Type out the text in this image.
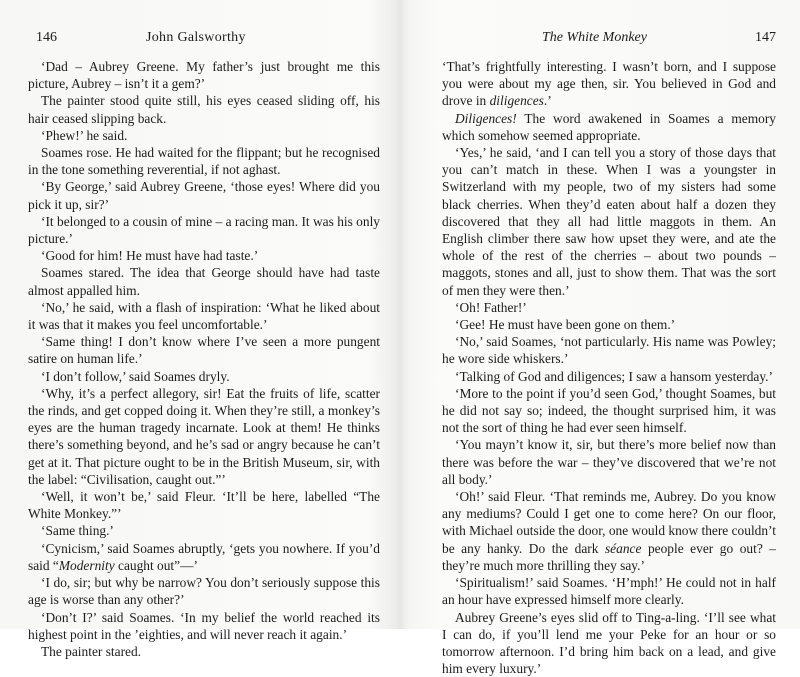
146	John Galsworthy

‘Dad – Aubrey Greene. My father’s just brought me this picture, Aubrey – isn’t it a gem?’

The painter stood quite still, his eyes ceased sliding off, his hair ceased slipping back.

‘Phew!’ he said.

Soames rose. He had waited for the flippant; but he recognised in the tone something reverential, if not aghast.

‘By George,’ said Aubrey Greene, ‘those eyes! Where did you pick it up, sir?’

‘It belonged to a cousin of mine – a racing man. It was his only picture.’

‘Good for him! He must have had taste.’

Soames stared. The idea that George should have had taste almost appalled him.

‘No,’ he said, with a flash of inspiration: ‘What he liked about it was that it makes you feel uncomfortable.’

‘Same thing! I don’t know where I’ve seen a more pungent satire on human life.’

‘I don’t follow,’ said Soames dryly.

‘Why, it’s a perfect allegory, sir! Eat the fruits of life, scatter the rinds, and get copped doing it. When they’re still, a monkey’s eyes are the human tragedy incarnate. Look at them! He thinks there’s something beyond, and he’s sad or angry because he can’t get at it. That picture ought to be in the British Museum, sir, with the label: “Civilisation, caught out.”’

‘Well, it won’t be,’ said Fleur. ‘It’ll be here, labelled “The White Monkey.”’

‘Same thing.’

‘Cynicism,’ said Soames abruptly, ‘gets you nowhere. If you’d said “Modernity caught out”—’

‘I do, sir; but why be narrow? You don’t seriously suppose this age is worse than any other?’

‘Don’t I?’ said Soames. ‘In my belief the world reached its highest point in the ’eighties, and will never reach it again.’

The painter stared.

The White Monkey	147

‘That’s frightfully interesting. I wasn’t born, and I suppose you were about my age then, sir. You believed in God and drove in diligences.’

Diligences! The word awakened in Soames a memory which somehow seemed appropriate.

‘Yes,’ he said, ‘and I can tell you a story of those days that you can’t match in these. When I was a youngster in Switzerland with my people, two of my sisters had some black cherries. When they’d eaten about half a dozen they discovered that they all had little maggots in them. An English climber there saw how upset they were, and ate the whole of the rest of the cherries – about two pounds – maggots, stones and all, just to show them. That was the sort of men they were then.’

‘Oh! Father!’

‘Gee! He must have been gone on them.’

‘No,’ said Soames, ‘not particularly. His name was Powley; he wore side whiskers.’

‘Talking of God and diligences; I saw a hansom yesterday.’

‘More to the point if you’d seen God,’ thought Soames, but he did not say so; indeed, the thought surprised him, it was not the sort of thing he had ever seen himself.

‘You mayn’t know it, sir, but there’s more belief now than there was before the war – they’ve discovered that we’re not all body.’

‘Oh!’ said Fleur. ‘That reminds me, Aubrey. Do you know any mediums? Could I get one to come here? On our floor, with Michael outside the door, one would know there couldn’t be any hanky. Do the dark séance people ever go out? – they’re much more thrilling they say.’

‘Spiritualism!’ said Soames. ‘H’mph!’ He could not in half an hour have expressed himself more clearly.

Aubrey Greene’s eyes slid off to Ting-a-ling. ‘I’ll see what I can do, if you’ll lend me your Peke for an hour or so tomorrow afternoon. I’d bring him back on a lead, and give him every luxury.’
